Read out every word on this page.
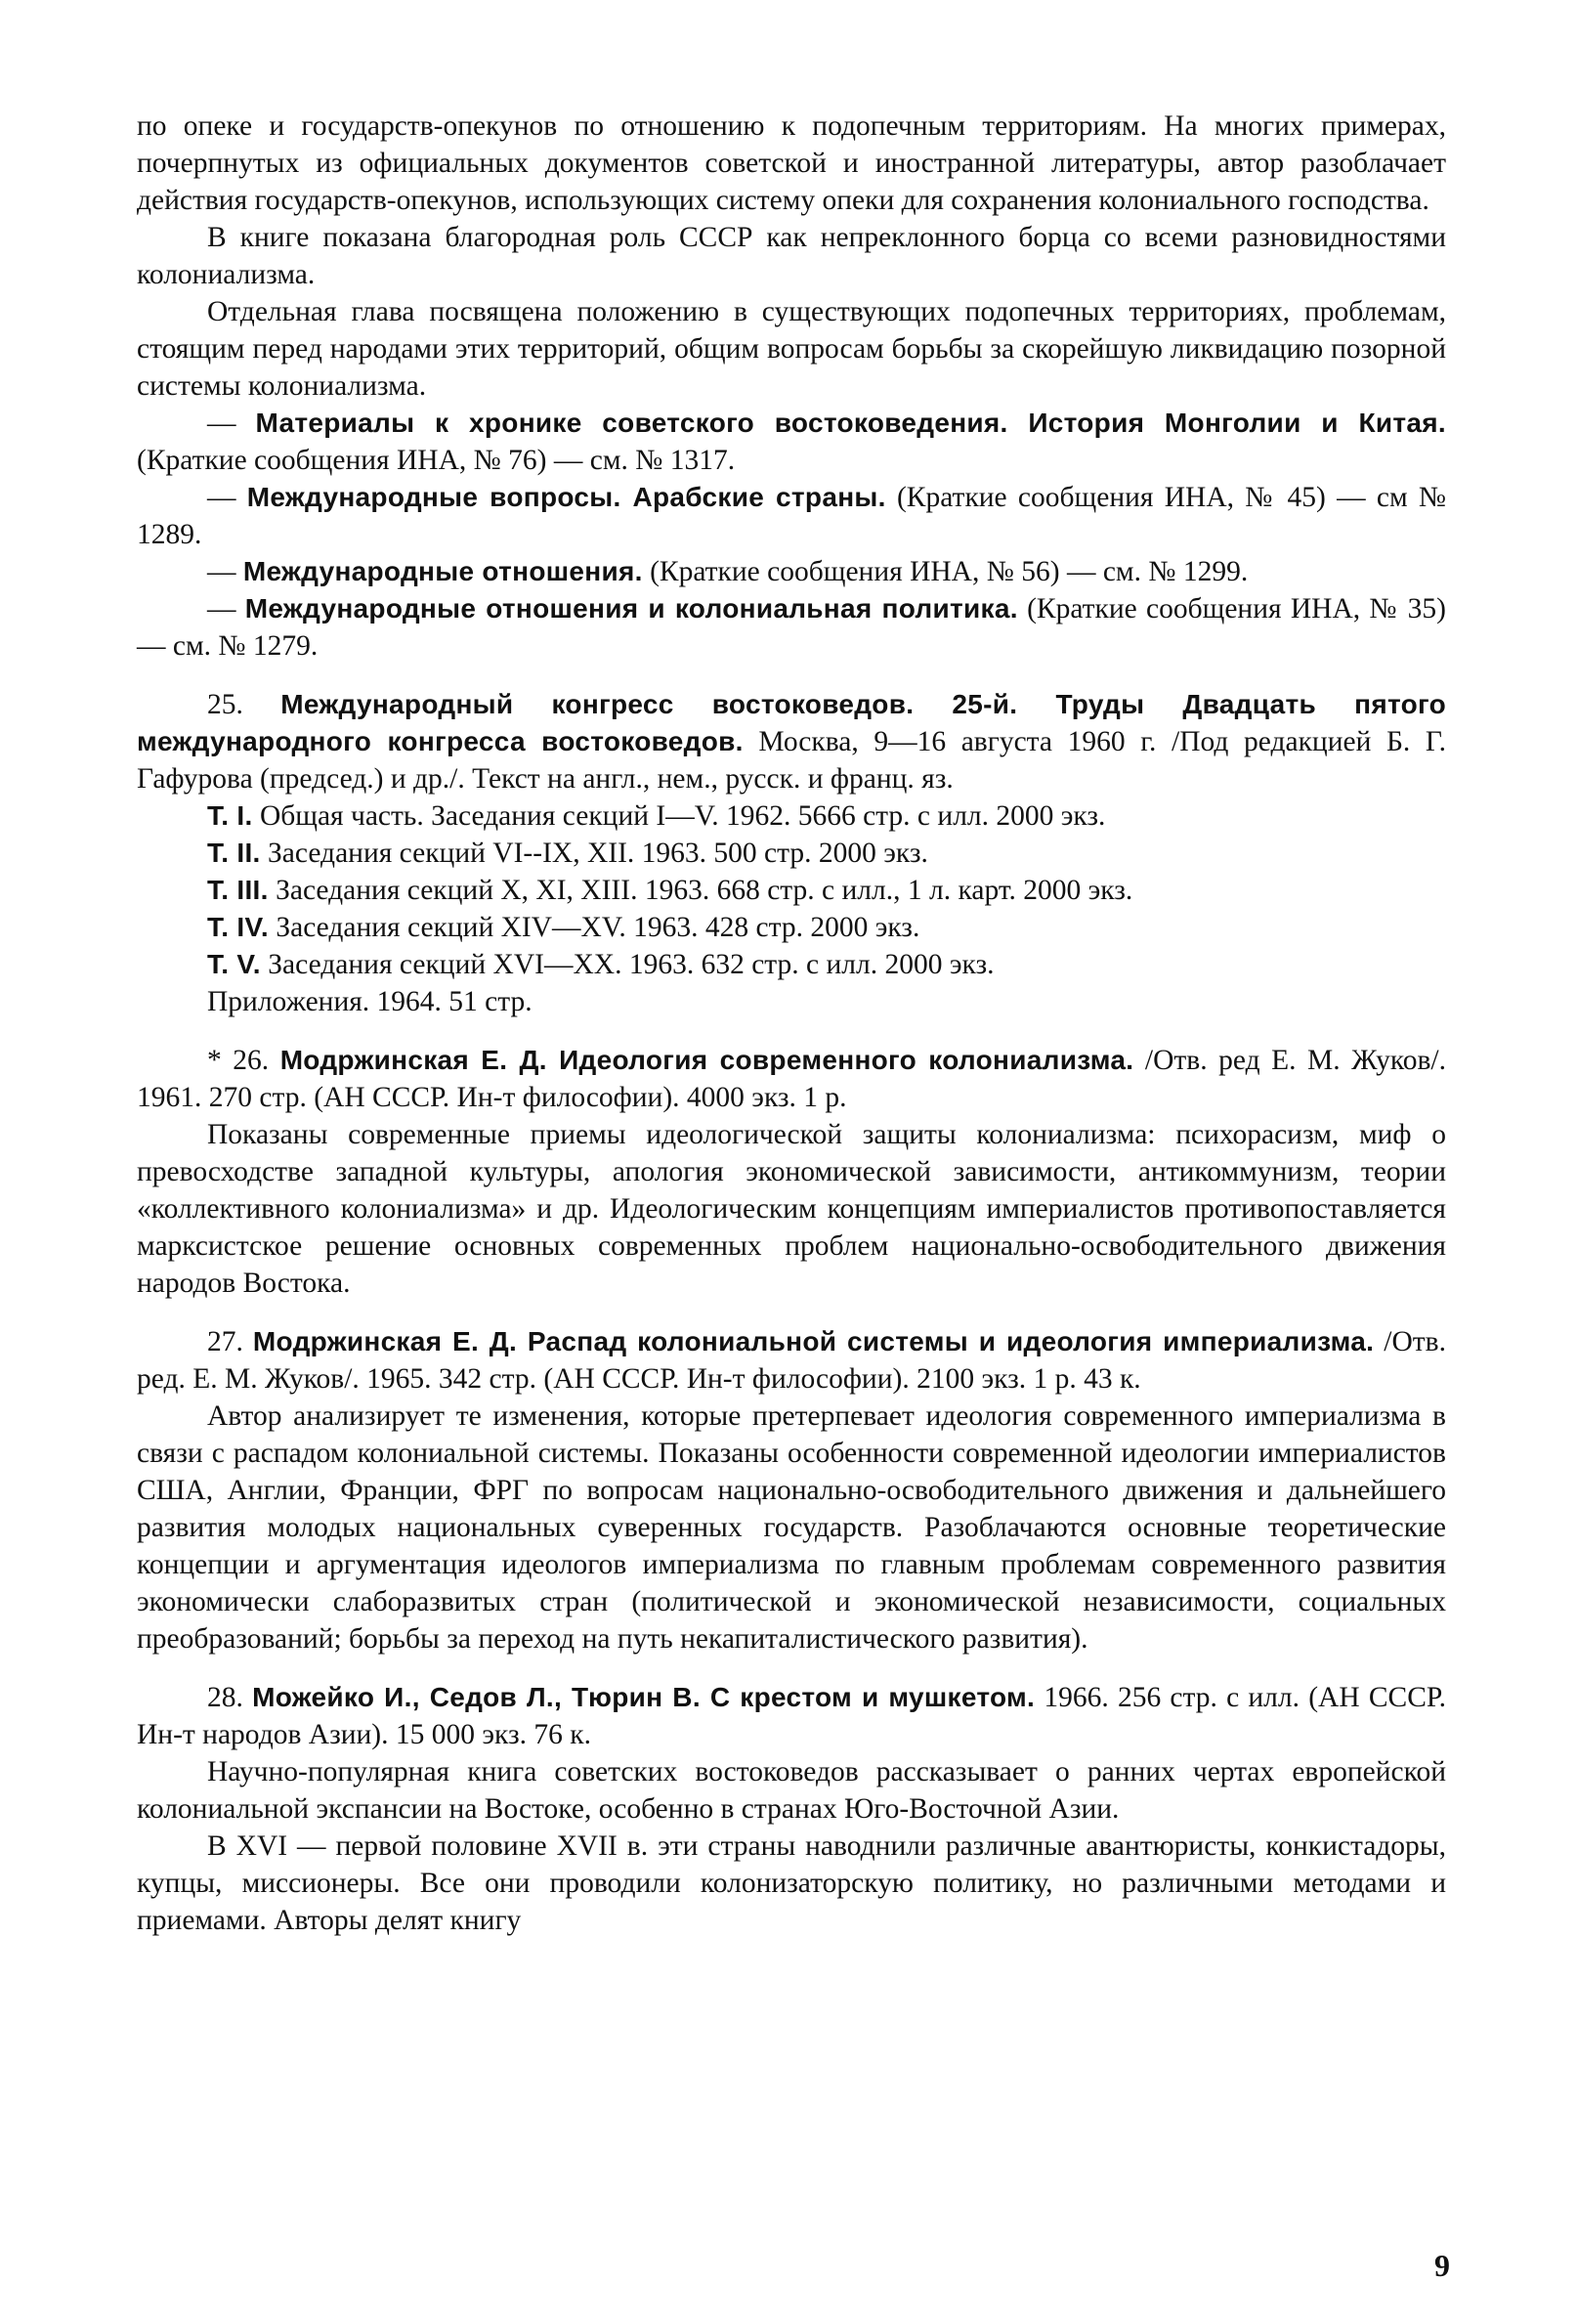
по опеке и государств-опекунов по отношению к подопечным территориям. На многих примерах, почерпнутых из официальных документов советской и иностранной литературы, автор разоблачает действия государств-опекунов, использующих систему опеки для сохранения колониального господства.

В книге показана благородная роль СССР как непреклонного борца со всеми разновидностями колониализма.

Отдельная глава посвящена положению в существующих подопечных территориях, проблемам, стоящим перед народами этих территорий, общим вопросам борьбы за скорейшую ликвидацию позорной системы колониализма.

— Материалы к хронике советского востоковедения. История Монголии и Китая. (Краткие сообщения ИНА, № 76) — см. № 1317.

— Международные вопросы. Арабские страны. (Краткие сообщения ИНА, № 45) — см № 1289.

— Международные отношения. (Краткие сообщения ИНА, № 56) — см. № 1299.

— Международные отношения и колониальная политика. (Краткие сообщения ИНА, № 35) — см. № 1279.

25. Международный конгресс востоковедов. 25-й. Труды Двадцать пятого международного конгресса востоковедов. Москва, 9—16 августа 1960 г. /Под редакцией Б. Г. Гафурова (председ.) и др./. Текст на англ., нем., русск. и франц. яз.

Т. I. Общая часть. Заседания секций I—V. 1962. 5666 стр. с илл. 2000 экз.
Т. II. Заседания секций VI--IX, XII. 1963. 500 стр. 2000 экз.
Т. III. Заседания секций X, XI, XIII. 1963. 668 стр. с илл., 1 л. карт. 2000 экз.
Т. IV. Заседания секций XIV—XV. 1963. 428 стр. 2000 экз.
Т. V. Заседания секций XVI—XX. 1963. 632 стр. с илл. 2000 экз.
Приложения. 1964. 51 стр.

* 26. Модржинская Е. Д. Идеология современного колониализма. /Отв. ред Е. М. Жуков/. 1961. 270 стр. (АН СССР. Ин-т философии). 4000 экз. 1 р.

Показаны современные приемы идеологической защиты колониализма: психорасизм, миф о превосходстве западной культуры, апология экономической зависимости, антикоммунизм, теории «коллективного колониализма» и др. Идеологическим концепциям империалистов противопоставляется марксистское решение основных современных проблем национально-освободительного движения народов Востока.

27. Модржинская Е. Д. Распад колониальной системы и идеология империализма. /Отв. ред. Е. М. Жуков/. 1965. 342 стр. (АН СССР. Ин-т философии). 2100 экз. 1 р. 43 к.

Автор анализирует те изменения, которые претерпевает идеология современного империализма в связи с распадом колониальной системы. Показаны особенности современной идеологии империалистов США, Англии, Франции, ФРГ по вопросам национально-освободительного движения и дальнейшего развития молодых национальных суверенных государств. Разоблачаются основные теоретические концепции и аргументация идеологов империализма по главным проблемам современного развития экономически слаборазвитых стран (политической и экономической независимости, социальных преобразований; борьбы за переход на путь некапиталистического развития).

28. Можейко И., Седов Л., Тюрин В. С крестом и мушкетом. 1966. 256 стр. с илл. (АН СССР. Ин-т народов Азии). 15 000 экз. 76 к.

Научно-популярная книга советских востоковедов рассказывает о ранних чертах европейской колониальной экспансии на Востоке, особенно в странах Юго-Восточной Азии.

В XVI — первой половине XVII в. эти страны наводнили различные авантюристы, конкистадоры, купцы, миссионеры. Все они проводили колонизаторскую политику, но различными методами и приемами. Авторы делят книгу

9
